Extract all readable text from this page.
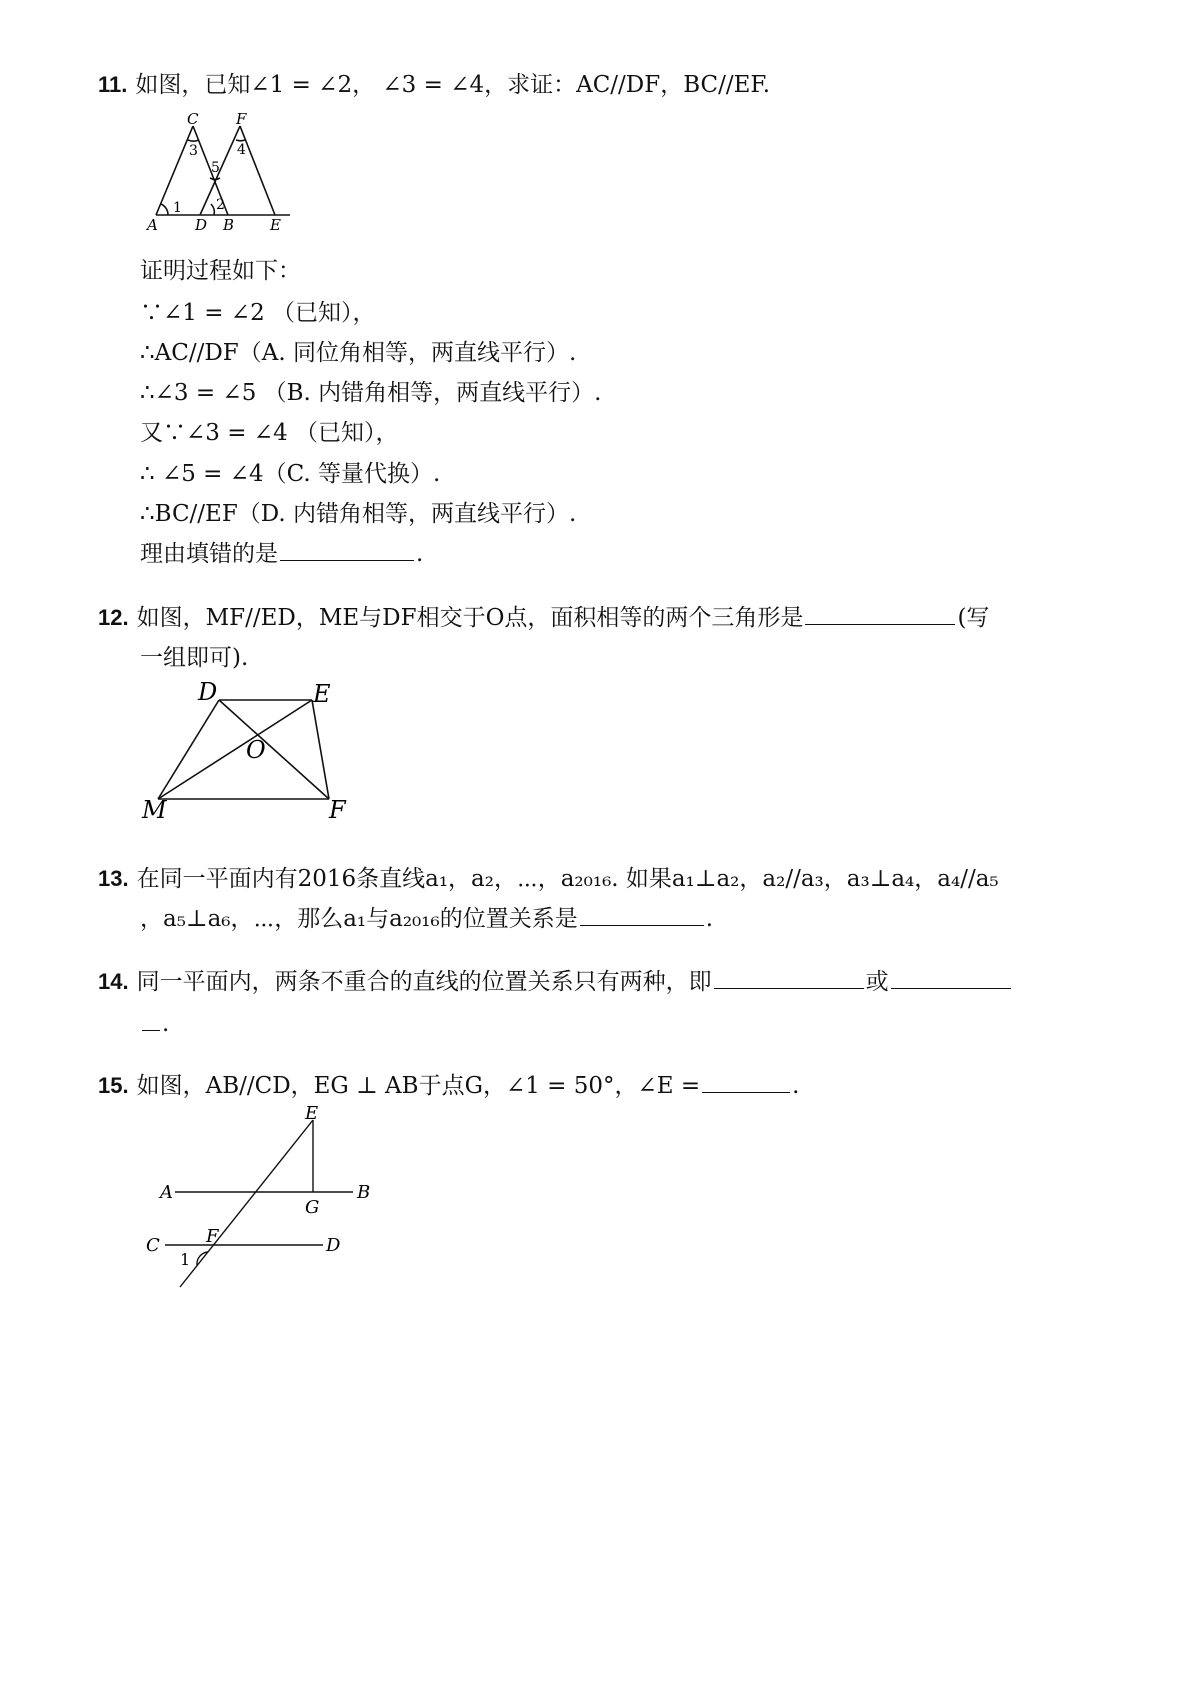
11. 如图，已知∠1 = ∠2， ∠3 = ∠4，求证：AC//DF，BC//EF.
C	F
A D B E
1 2
3	4
5
证明过程如下：
∵∠1 = ∠2 （已知），
∴AC//DF（A. 同位角相等，两直线平行）.
∴∠3 = ∠5 （B. 内错角相等，两直线平行）.
又∵∠3 = ∠4 （已知），
∴ ∠5 = ∠4（C. 等量代换）.
∴BC//EF（D. 内错角相等，两直线平行）.
理由填错的是	.
12. 如图，MF//ED，ME与DF相交于O点，面积相等的两个三角形是	(写
一组即可).
D	E
O
M	F
13. 在同一平面内有2016条直线a₁，a₂，⋯，a₂₀₁₆. 如果a₁⊥a₂，a₂//a₃，a₃⊥a₄，a₄//a₅
，a₅⊥a₆，⋯，那么a₁与a₂₀₁₆的位置关系是	.
14. 同一平面内，两条不重合的直线的位置关系只有两种，即	或
.
15. 如图，AB//CD，EG ⊥ AB于点G，∠1 = 50°，∠E =	.
E
A	B
G
C	F	D
1
